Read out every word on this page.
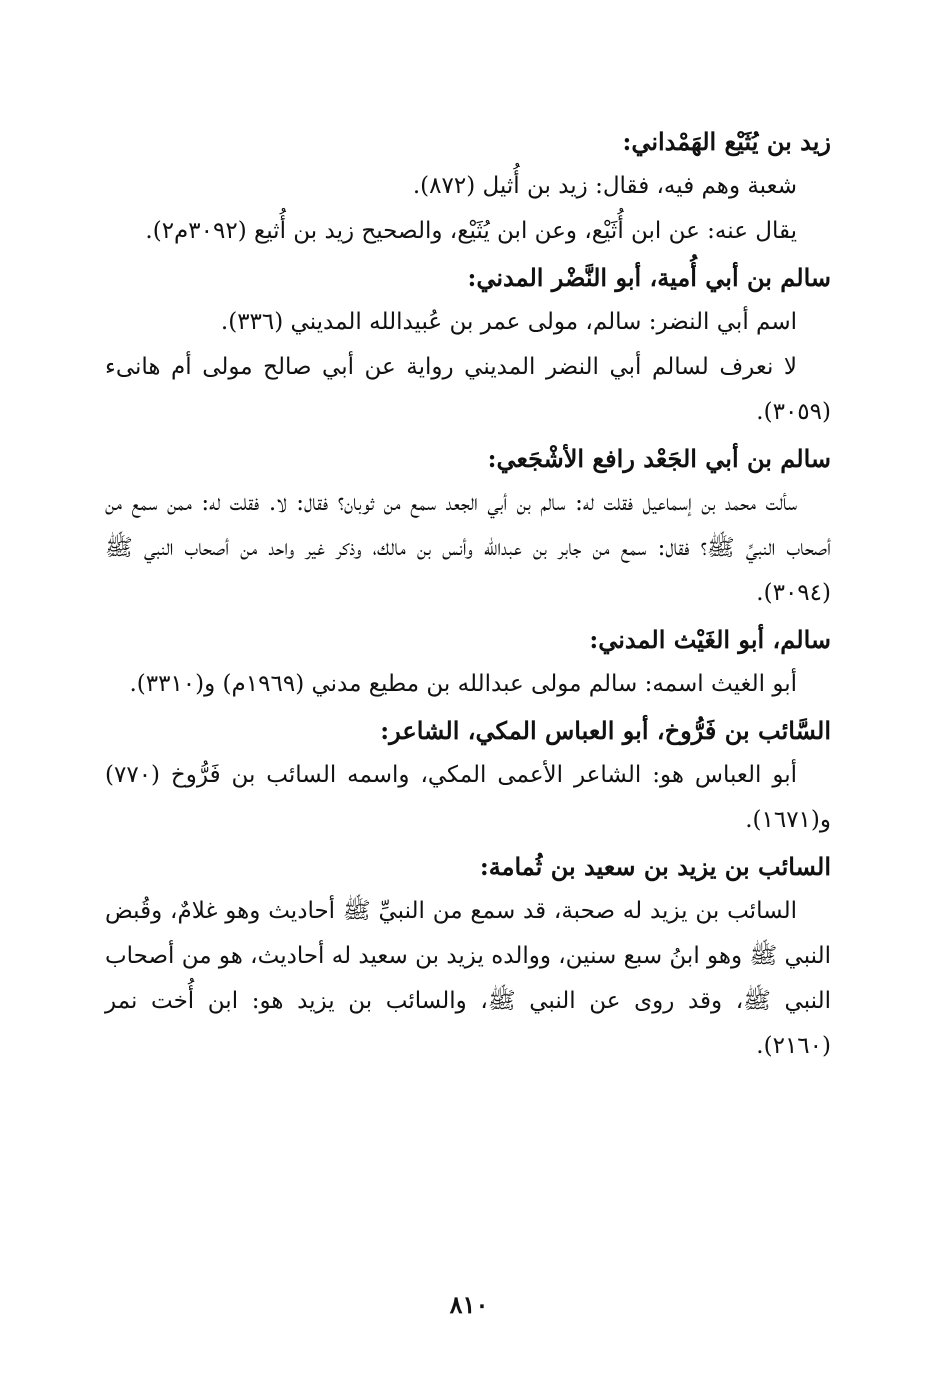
زيد بن يُثَيْع الهَمْداني:

شعبة وهم فيه، فقال: زيد بن أُثيل (٨٧٢).

يقال عنه: عن ابن أُثَيْع، وعن ابن يُثَيْع، والصحيح زيد بن أُثيع (٣٠٩٢م٢).

سالم بن أبي أُمية، أبو النَّضْر المدني:

اسم أبي النضر: سالم، مولى عمر بن عُبيدالله المديني (٣٣٦).

لا نعرف لسالم أبي النضر المديني رواية عن أبي صالح مولى أم هانىء (٣٠٥٩).

سالم بن أبي الجَعْد رافع الأشْجَعي:

سألت محمد بن إسماعيل فقلت له: سالم بن أبي الجعد سمع من ثوبان؟ فقال: لا. فقلت له: ممن سمع من أصحاب النبيِّ ﷺ؟ فقال: سمع من جابر بن عبدالله وأنس بن مالك، وذكر غير واحد من أصحاب النبي ﷺ (٣٠٩٤).

سالم، أبو الغَيْث المدني:

أبو الغيث اسمه: سالم مولى عبدالله بن مطيع مدني (١٩٦٩م) و(٣٣١٠).

السَّائب بن فَرُّوخ، أبو العباس المكي، الشاعر:

أبو العباس هو: الشاعر الأعمى المكي، واسمه السائب بن فَرُّوخ (٧٧٠) و(١٦٧١).

السائب بن يزيد بن سعيد بن ثُمامة:

السائب بن يزيد له صحبة، قد سمع من النبيِّ ﷺ أحاديث وهو غلامٌ، وقُبض النبي ﷺ وهو ابنُ سبع سنين، ووالده يزيد بن سعيد له أحاديث، هو من أصحاب النبي ﷺ، وقد روى عن النبي ﷺ، والسائب بن يزيد هو: ابن أُخت نمر (٢١٦٠).

٨١٠
